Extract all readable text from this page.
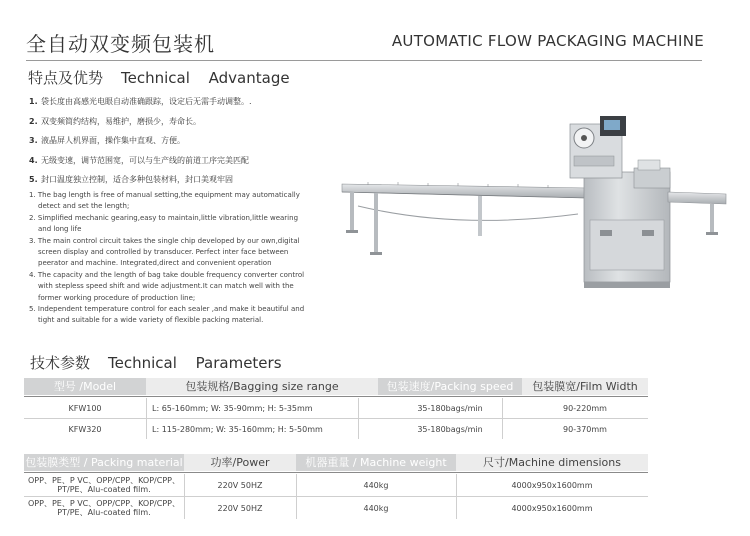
全自动双变频包装机	AUTOMATIC FLOW PACKAGING MACHINE
特点及优势 Technical Advantage
1. 袋长度由高感光电眼自动准确跟踪，设定后无需手动调整。.
2. 双变频简约结构，易维护，磨损少，寿命长。
3. 液晶屏人机界面，操作集中直观、方便。
4. 无级变速，调节范围宽，可以与生产线的前道工序完美匹配
5. 封口温度独立控制，适合多种包装材料，封口美观牢固

1. The bag length is free of manual setting,the equipment may automatically detect and set the length;

2. Simplified mechanic gearing,easy to maintain,little vibration,little wearing and long life

3. The main control circuit takes the single chip developed by our own,digital screen display and controlled by transducer. Perfect inter face between peerator and machine. Integrated,direct and convenient operation

4. The capacity and the length of bag take double frequency converter control with stepless speed shift and wide adjustment.It can match well with the former working procedure of production line;

5. Independent temperature control for each sealer ,and make it beautiful and tight and suitable for a wide variety of flexible packing material.

技术参数 Technical Parameters
型号 /Model	包装规格/Bagging size range	包装速度/Packing speed	包装膜宽/Film Width
KFW100	L: 65-160mm; W: 35-90mm; H: 5-35mm	35-180bags/min	90-220mm
KFW320	L: 115-280mm; W: 35-160mm; H: 5-50mm	35-180bags/min	90-370mm
包装膜类型 / Packing material	功率/Power	机器重量 / Machine weight	尺寸/Machine dimensions
OPP、PE、P VC、OPP/CPP、KOP/CPP、
PT/PE、Alu-coated film.	220V 50HZ	440kg	4000x950x1600mm
OPP、PE、P VC、OPP/CPP、KOP/CPP、
PT/PE、Alu-coated film.	220V 50HZ	440kg	4000x950x1600mm
